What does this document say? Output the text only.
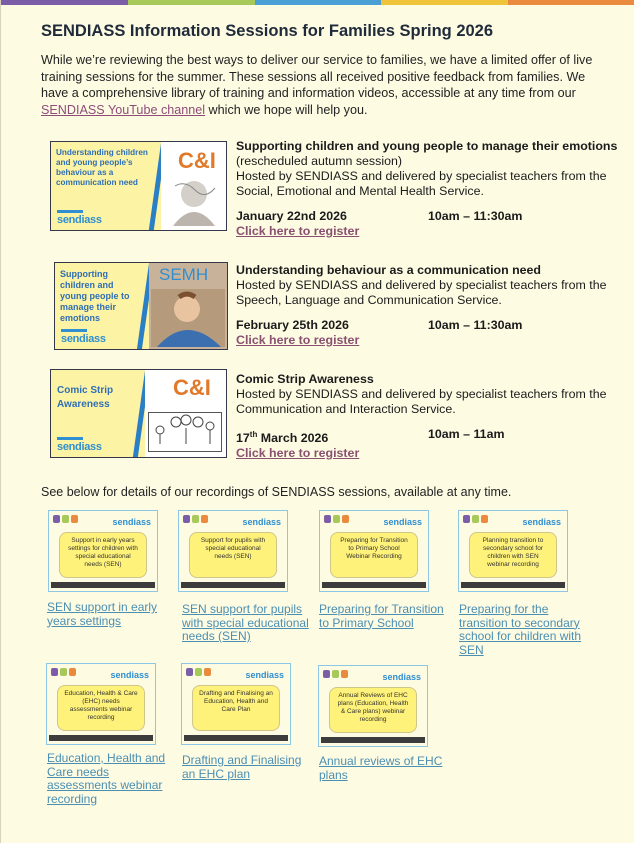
SENDIASS Information Sessions for Families Spring 2026

While we’re reviewing the best ways to deliver our service to families, we have a limited offer of live training sessions for the summer. These sessions all received positive feedback from families. We have a comprehensive library of training and information videos, accessible at any time from our SENDIASS YouTube channel which we hope will help you.

Understanding children and young people’s behaviour as a communication need
C&I
sendiass
Supporting children and young people to manage their emotions (rescheduled autumn session)
Hosted by SENDIASS and delivered by specialist teachers from the Social, Emotional and Mental Health Service.
January 22nd 2026	10am – 11:30am
Click here to register
Supporting children and young people to manage their emotions
SEMH
sendiass
Understanding behaviour as a communication need
Hosted by SENDIASS and delivered by specialist teachers from the Speech, Language and Communication Service.
February 25th 2026	10am – 11:30am
Click here to register
Comic Strip Awareness
C&I
sendiass
Comic Strip Awareness
Hosted by SENDIASS and delivered by specialist teachers from the Communication and Interaction Service.
17th March 2026	10am – 11am
Click here to register

See below for details of our recordings of SENDIASS sessions, available at any time.

sendiass
Support in early years settings for children with special educational needs (SEN)
SEN support in early years settings
sendiass
Support for pupils with special educational needs (SEN)
SEN support for pupils with special educational needs (SEN)
sendiass
Preparing for Transition to Primary School Webinar Recording
Preparing for Transition to Primary School
sendiass
Planning transition to secondary school for children with SEN webinar recording
Preparing for the transition to secondary school for children with SEN
sendiass
Education, Health & Care (EHC) needs assessments webinar recording
Education, Health and Care needs assessments webinar recording
sendiass
Drafting and Finalising an Education, Health and Care Plan
Drafting and Finalising an EHC plan
sendiass
Annual Reviews of EHC plans (Education, Health & Care plans) webinar recording
Annual reviews of EHC plans
